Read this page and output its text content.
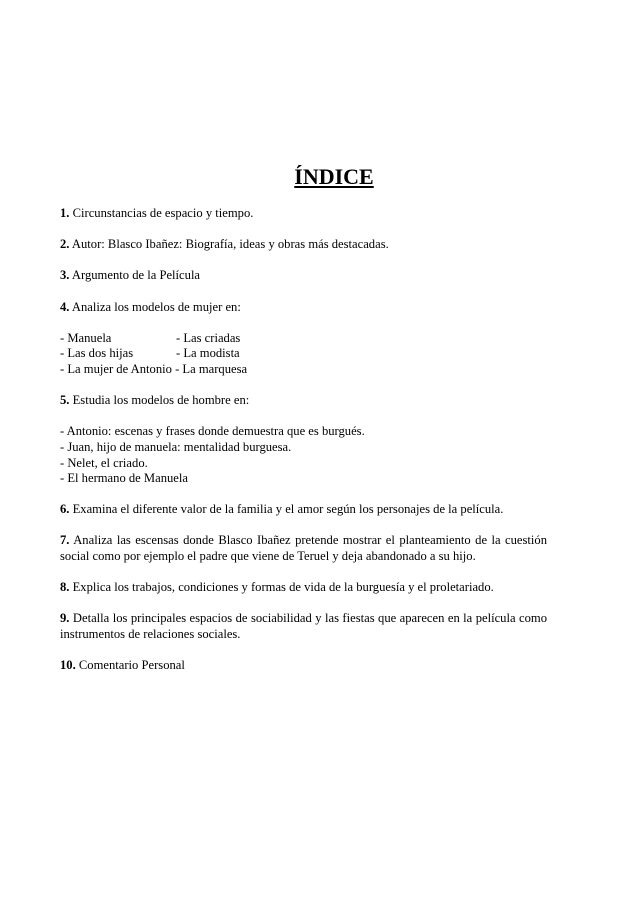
ÍNDICE
1. Circunstancias de espacio y tiempo.
2. Autor: Blasco Ibañez: Biografía, ideas y obras más destacadas.
3. Argumento de la Película
4. Analiza los modelos de mujer en:
- Manuela	- Las criadas
- Las dos hijas	- La modista
- La mujer de Antonio - La marquesa
5. Estudia los modelos de hombre en:
- Antonio: escenas y frases donde demuestra que es burgués.
- Juan, hijo de manuela: mentalidad burguesa.
- Nelet, el criado.
- El hermano de Manuela
6. Examina el diferente valor de la familia y el amor según los personajes de la película.
7. Analiza las escensas donde Blasco Ibañez pretende mostrar el planteamiento de la cuestión social como por ejemplo el padre que viene de Teruel y deja abandonado a su hijo.
8. Explica los trabajos, condiciones y formas de vida de la burguesía y el proletariado.
9. Detalla los principales espacios de sociabilidad y las fiestas que aparecen en la película como instrumentos de relaciones sociales.
10. Comentario Personal
